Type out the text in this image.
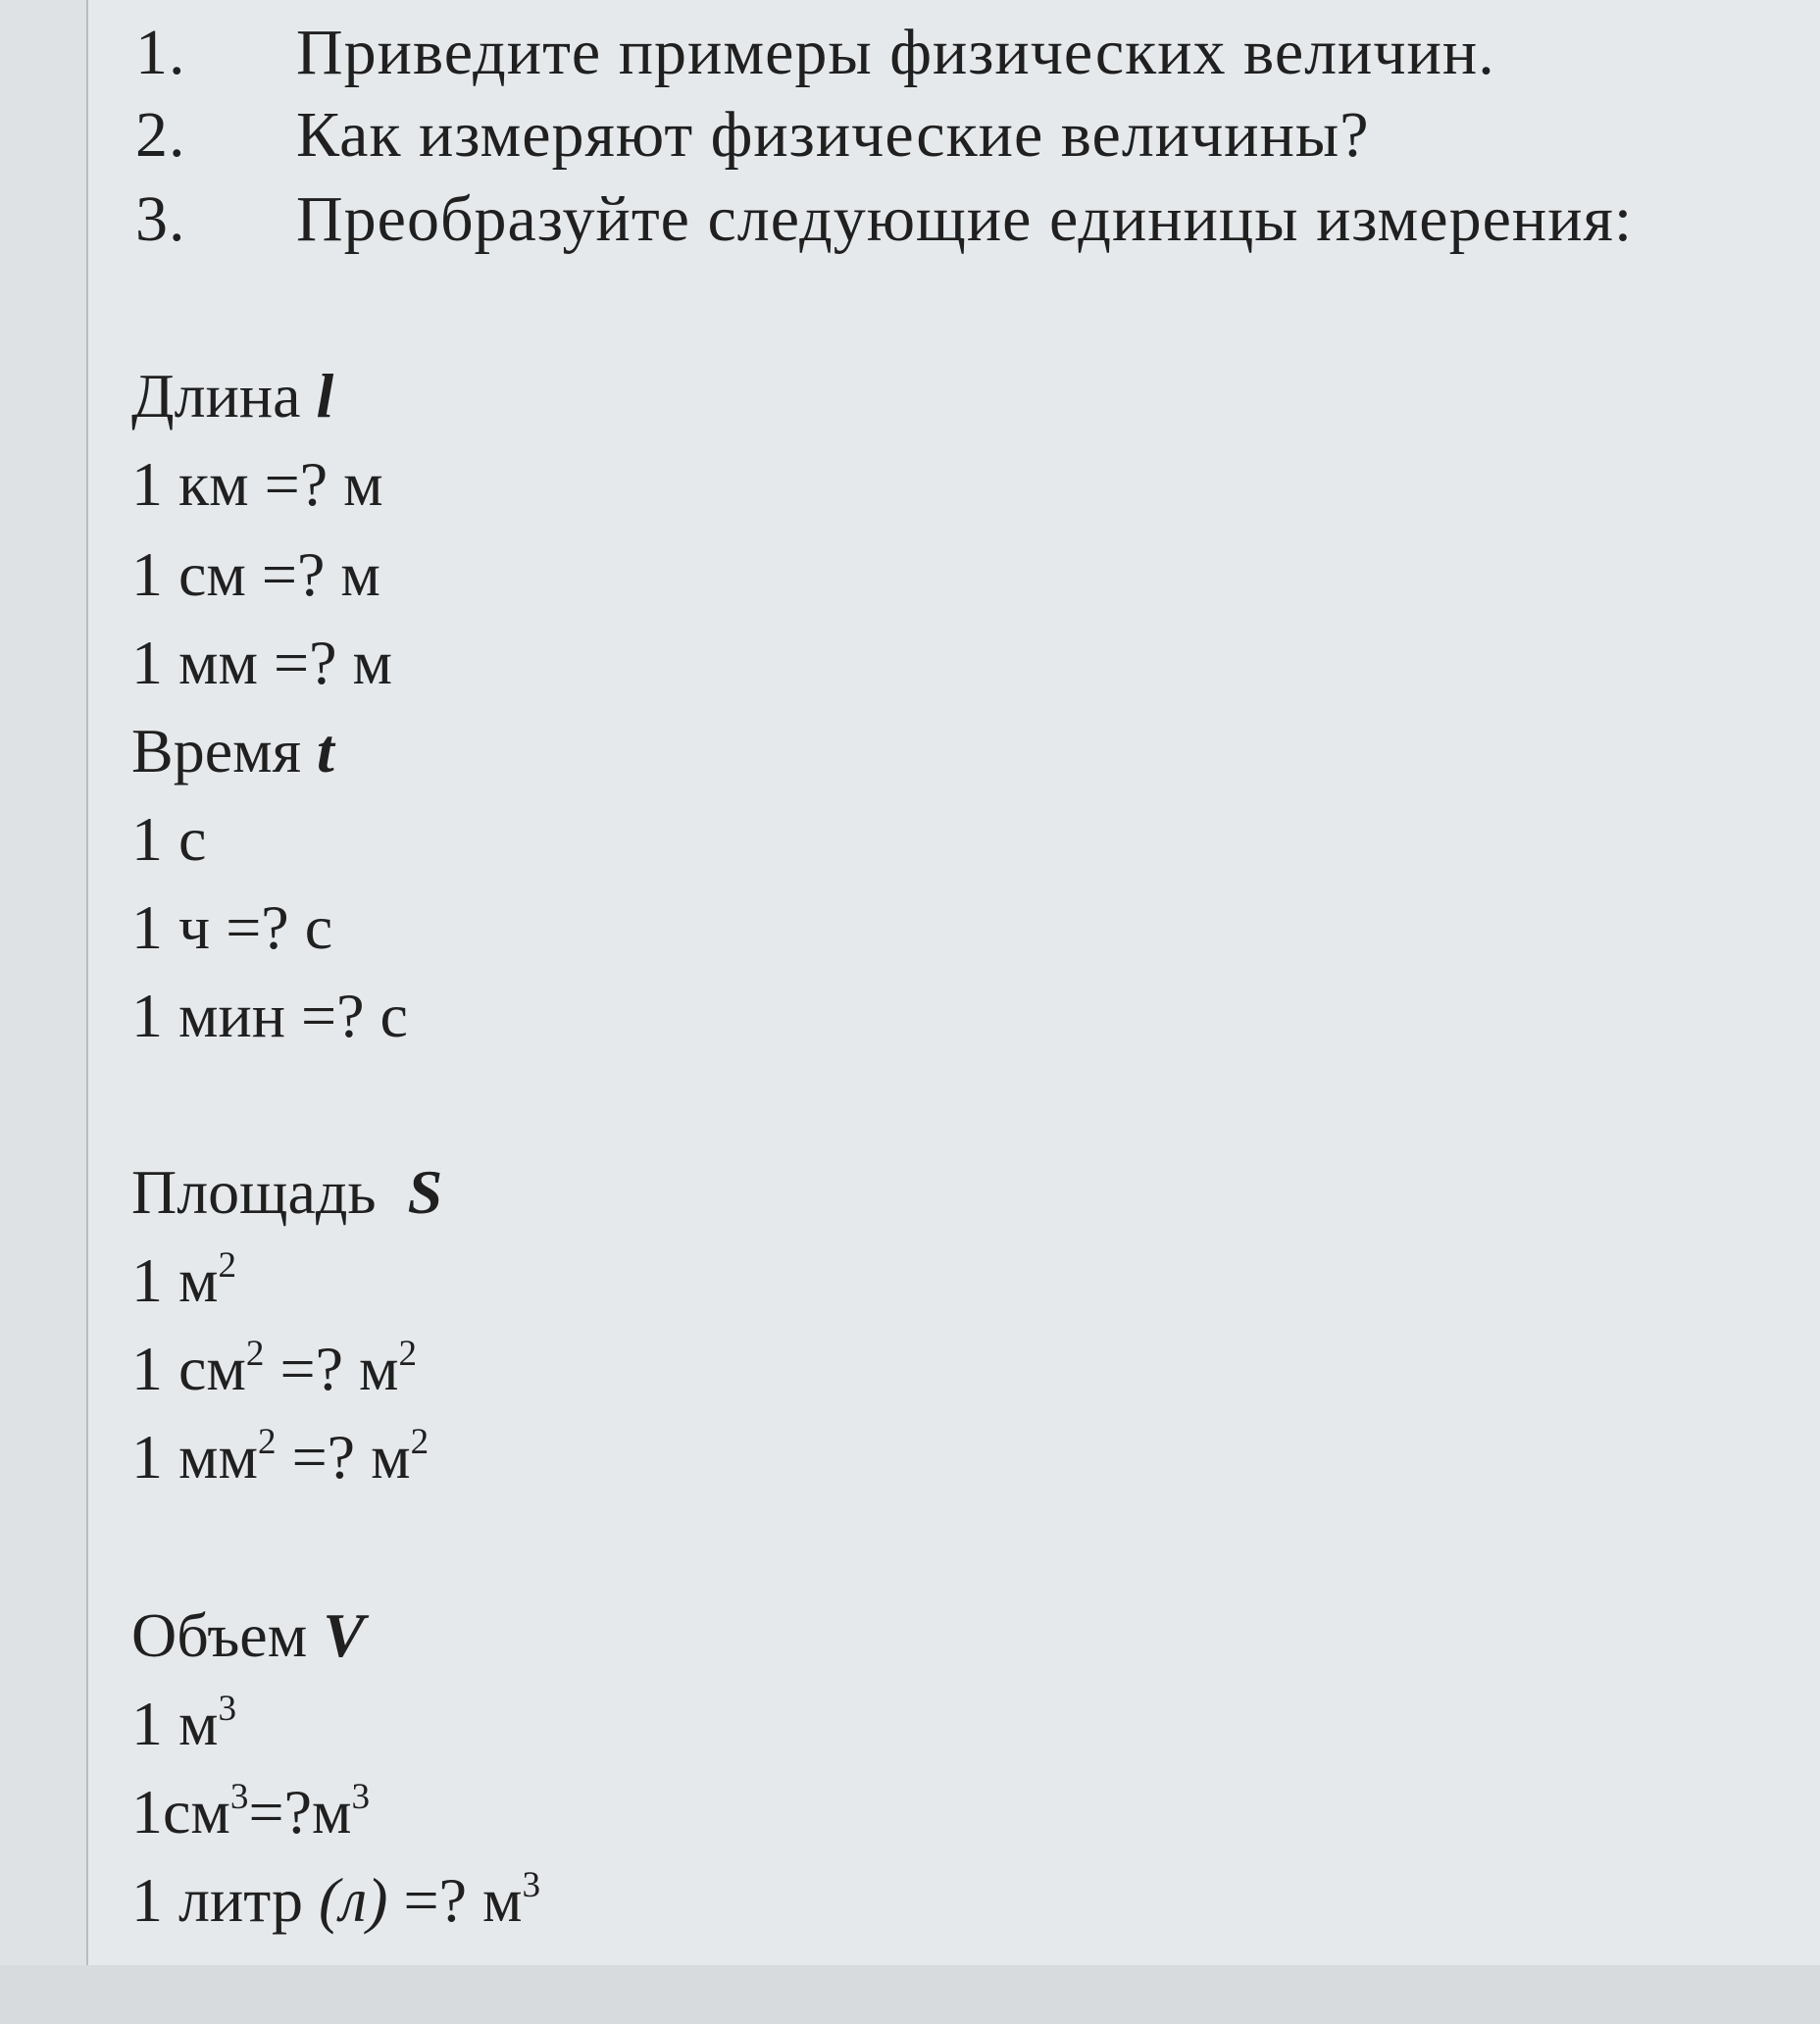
1. Приведите примеры физических величин.
2. Как измеряют физические величины?
3. Преобразуйте следующие единицы измерения:
Длина l
1 км =? м
1 см =? м
1 мм =? м
Время t
1 с
1 ч =? с
1 мин =? с
Площадь S
1 $м^2$
1 $см^2$ =? $м^2$
1 $мм^2$ =? $м^2$
Объем V
1 $м^3$
$1см^3=?м^3$
1 литр (л) =? $м^3$
